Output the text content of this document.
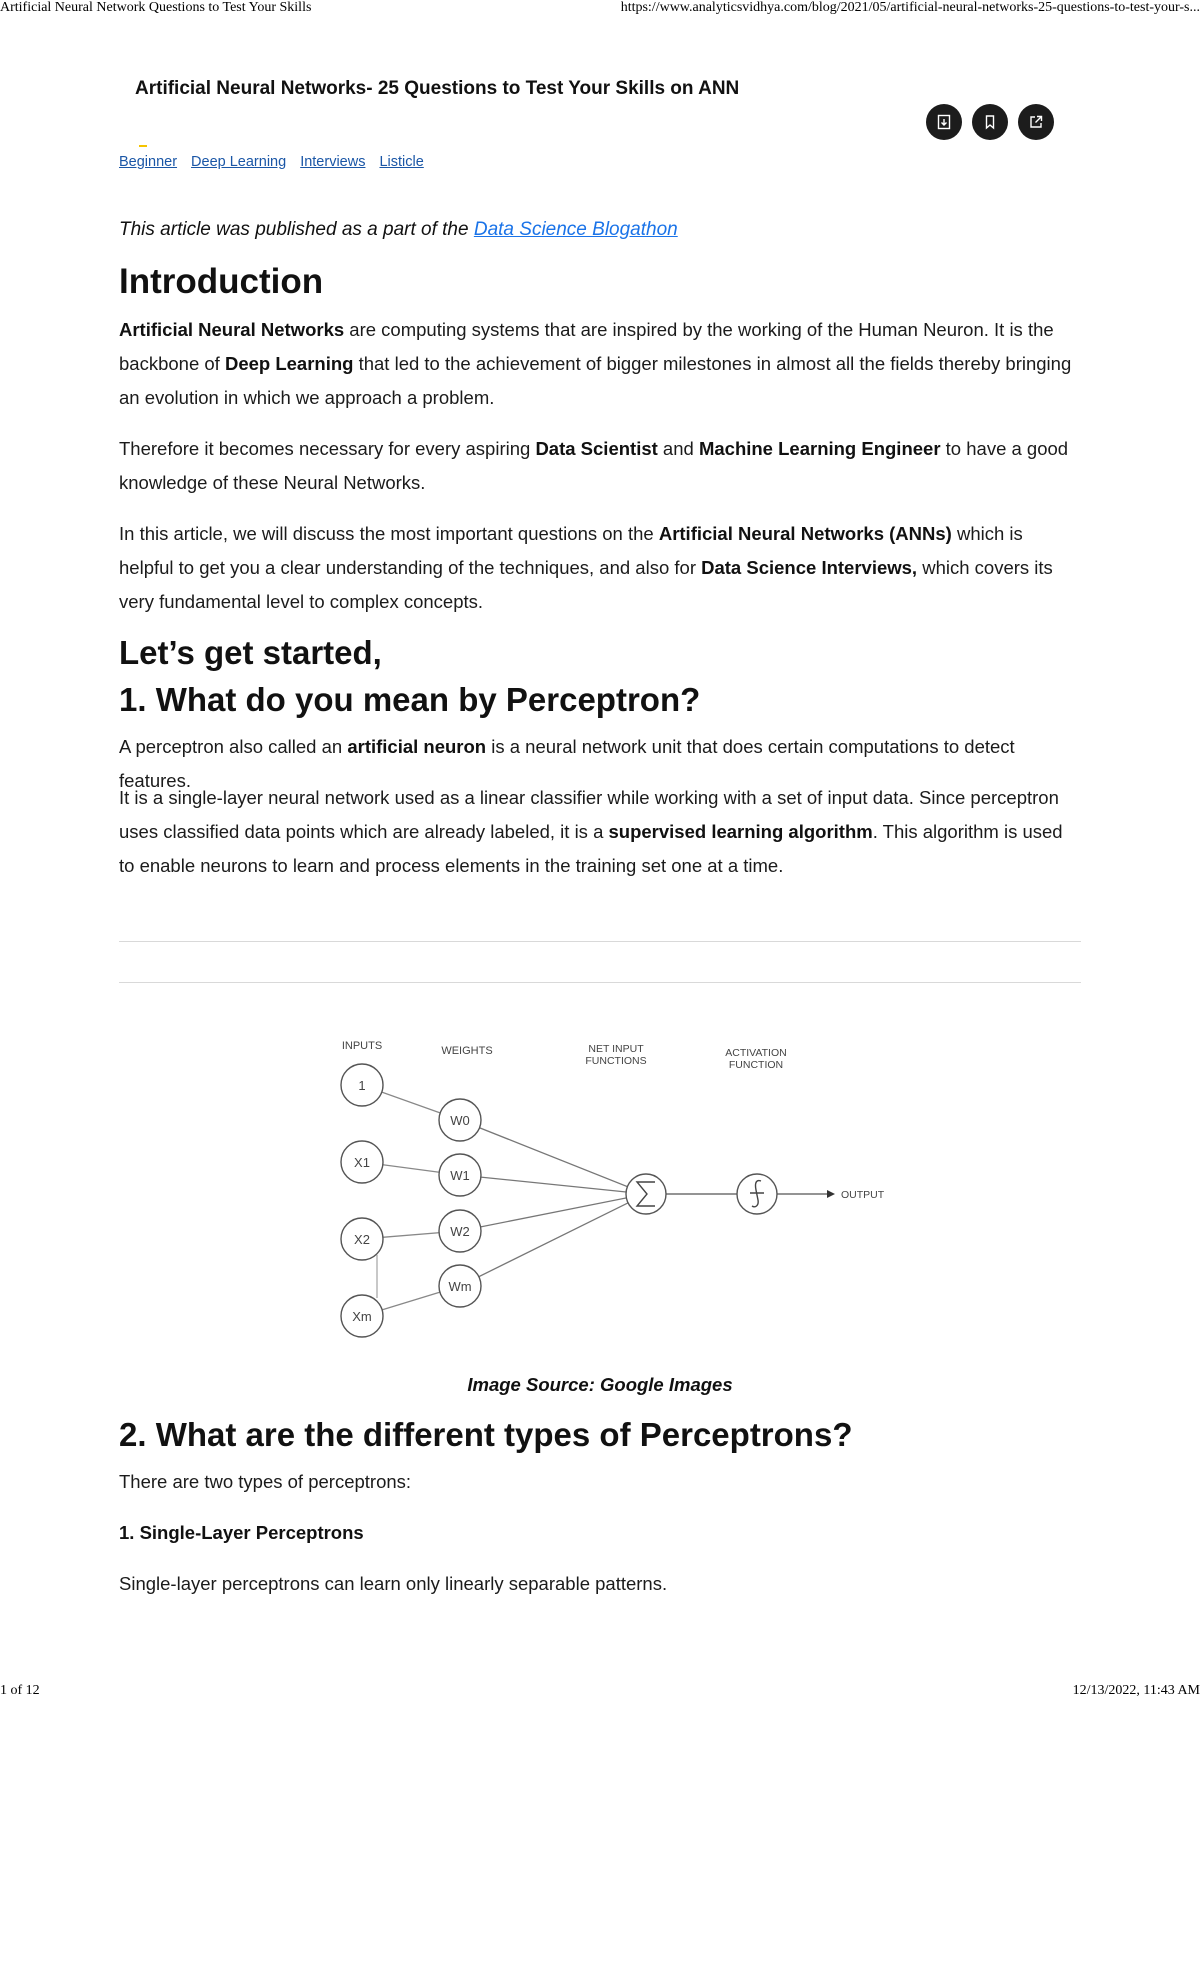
Artificial Neural Network Questions to Test Your Skills	https://www.analyticsvidhya.com/blog/2021/05/artificial-neural-networks-25-questions-to-test-your-s...
Artificial Neural Networks- 25 Questions to Test Your Skills on ANN
Beginner Deep Learning Interviews Listicle
This article was published as a part of the Data Science Blogathon
Introduction

Artificial Neural Networks are computing systems that are inspired by the working of the Human Neuron. It is the backbone of Deep Learning that led to the achievement of bigger milestones in almost all the fields thereby bringing an evolution in which we approach a problem.

Therefore it becomes necessary for every aspiring Data Scientist and Machine Learning Engineer to have a good knowledge of these Neural Networks.

In this article, we will discuss the most important questions on the Artificial Neural Networks (ANNs) which is helpful to get you a clear understanding of the techniques, and also for Data Science Interviews, which covers its very fundamental level to complex concepts.

Let’s get started,
1. What do you mean by Perceptron?

A perceptron also called an artificial neuron is a neural network unit that does certain computations to detect features.

It is a single-layer neural network used as a linear classifier while working with a set of input data. Since perceptron uses classified data points which are already labeled, it is a supervised learning algorithm. This algorithm is used to enable neurons to learn and process elements in the training set one at a time.

INPUTS	WEIGHTS	NET INPUT
FUNCTIONS
ACTIVATION
FUNCTION
OUTPUT
1
X1
X2
Xm
W0
W1
W2
Wm
Image Source: Google Images
2. What are the different types of Perceptrons?

There are two types of perceptrons:

1. Single-Layer Perceptrons

Single-layer perceptrons can learn only linearly separable patterns.

1 of 12	12/13/2022, 11:43 AM
